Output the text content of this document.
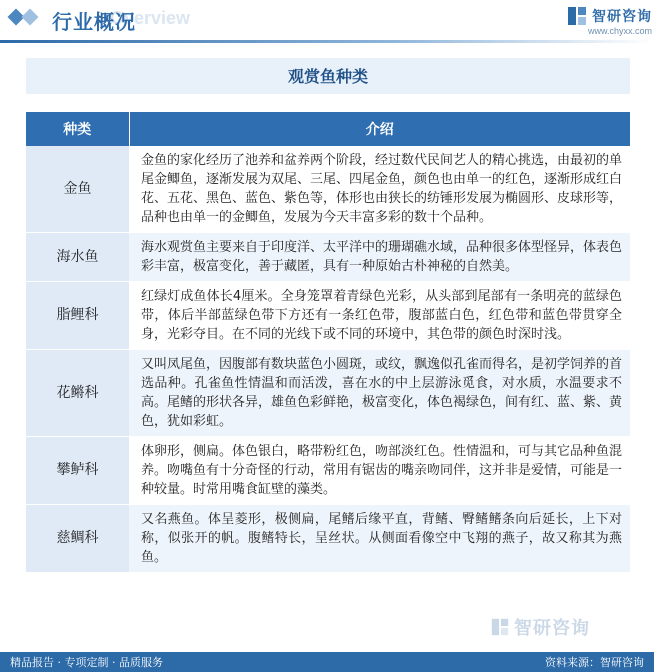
Overview
行业概况	智研咨询
www.chyxx.com
观赏鱼种类
种类	介绍
金鱼	金鱼的家化经历了池养和盆养两个阶段，经过数代民间艺人的精心挑选，由最初的单尾金鲫鱼，逐渐发展为双尾、三尾、四尾金鱼，颜色也由单一的红色，逐渐形成红白花、五花、黑色、蓝色、紫色等，体形也由狭长的纺锤形发展为椭圆形、皮球形等，品种也由单一的金鲫鱼，发展为今天丰富多彩的数十个品种。
海水鱼	海水观赏鱼主要来自于印度洋、太平洋中的珊瑚礁水域，品种很多体型怪异，体表色彩丰富，极富变化，善于藏匿，具有一种原始古朴神秘的自然美。
脂鲤科	红绿灯成鱼体长4厘米。全身笼罩着青绿色光彩，从头部到尾部有一条明亮的蓝绿色带，体后半部蓝绿色带下方还有一条红色带，腹部蓝白色，红色带和蓝色带贯穿全身，光彩夺目。在不同的光线下或不同的环境中，其色带的颜色时深时浅。
花鳉科	又叫凤尾鱼，因腹部有数块蓝色小圆斑，或纹，飘逸似孔雀而得名，是初学饲养的首选品种。孔雀鱼性情温和而活泼，喜在水的中上层游泳觅食，对水质，水温要求不高。尾鳍的形状各异，雄鱼色彩鲜艳，极富变化，体色褐绿色，间有红、蓝、紫、黄色，犹如彩虹。
攀鲈科	体卵形，侧扁。体色银白，略带粉红色，吻部淡红色。性情温和，可与其它品种鱼混养。吻嘴鱼有十分奇怪的行动，常用有锯齿的嘴亲吻同伴，这并非是爱情，可能是一种较量。时常用嘴食缸壁的藻类。
慈鲷科	又名燕鱼。体呈菱形，极侧扁，尾鳍后缘平直，背鳍、臀鳍鳍条向后延长，上下对称，似张开的帆。腹鳍特长，呈丝状。从侧面看像空中飞翔的燕子，故又称其为燕鱼。
智研咨询
精品报告 · 专项定制 · 品质服务	资料来源：智研咨询
